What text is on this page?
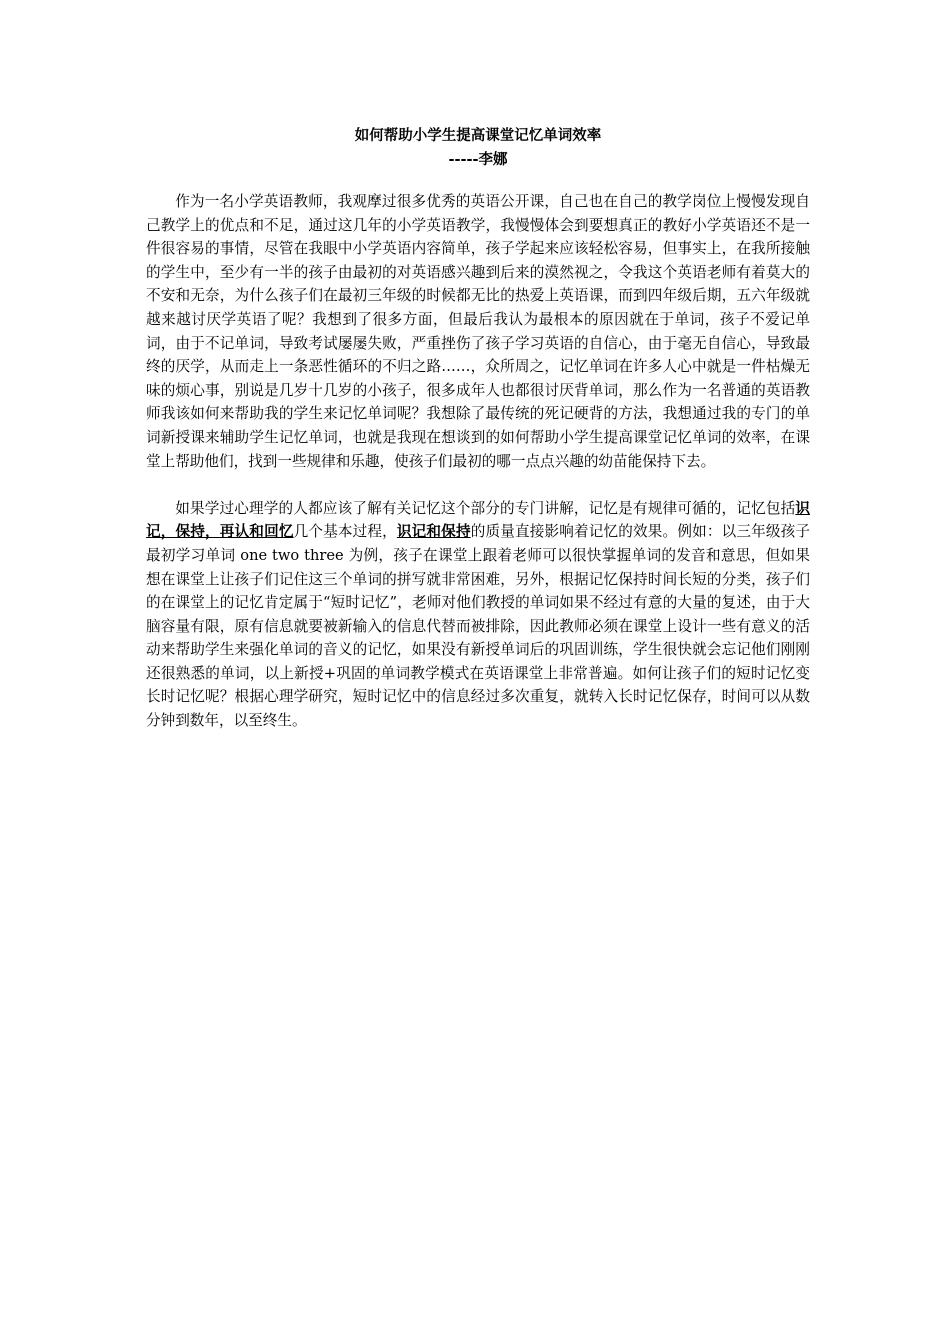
如何帮助小学生提高课堂记忆单词效率

-----李娜

作为一名小学英语教师，我观摩过很多优秀的英语公开课，自己也在自己的教学岗位上慢慢发现自己教学上的优点和不足，通过这几年的小学英语教学，我慢慢体会到要想真正的教好小学英语还不是一件很容易的事情，尽管在我眼中小学英语内容简单，孩子学起来应该轻松容易，但事实上，在我所接触的学生中，至少有一半的孩子由最初的对英语感兴趣到后来的漠然视之，令我这个英语老师有着莫大的不安和无奈，为什么孩子们在最初三年级的时候都无比的热爱上英语课，而到四年级后期，五六年级就越来越讨厌学英语了呢？我想到了很多方面，但最后我认为最根本的原因就在于单词，孩子不爱记单词，由于不记单词，导致考试屡屡失败，严重挫伤了孩子学习英语的自信心，由于毫无自信心，导致最终的厌学，从而走上一条恶性循环的不归之路……，众所周之，记忆单词在许多人心中就是一件枯燥无味的烦心事，别说是几岁十几岁的小孩子，很多成年人也都很讨厌背单词，那么作为一名普通的英语教师我该如何来帮助我的学生来记忆单词呢？我想除了最传统的死记硬背的方法，我想通过我的专门的单词新授课来辅助学生记忆单词，也就是我现在想谈到的如何帮助小学生提高课堂记忆单词的效率，在课堂上帮助他们，找到一些规律和乐趣，使孩子们最初的哪一点点兴趣的幼苗能保持下去。

如果学过心理学的人都应该了解有关记忆这个部分的专门讲解，记忆是有规律可循的，记忆包括识记，保持，再认和回忆几个基本过程，识记和保持的质量直接影响着记忆的效果。例如：以三年级孩子最初学习单词 one two three 为例，孩子在课堂上跟着老师可以很快掌握单词的发音和意思，但如果想在课堂上让孩子们记住这三个单词的拼写就非常困难，另外，根据记忆保持时间长短的分类，孩子们的在课堂上的记忆肯定属于“短时记忆”，老师对他们教授的单词如果不经过有意的大量的复述，由于大脑容量有限，原有信息就要被新输入的信息代替而被排除，因此教师必须在课堂上设计一些有意义的活动来帮助学生来强化单词的音义的记忆，如果没有新授单词后的巩固训练，学生很快就会忘记他们刚刚还很熟悉的单词，以上新授+巩固的单词教学模式在英语课堂上非常普遍。如何让孩子们的短时记忆变长时记忆呢？根据心理学研究，短时记忆中的信息经过多次重复，就转入长时记忆保存，时间可以从数分钟到数年，以至终生。
